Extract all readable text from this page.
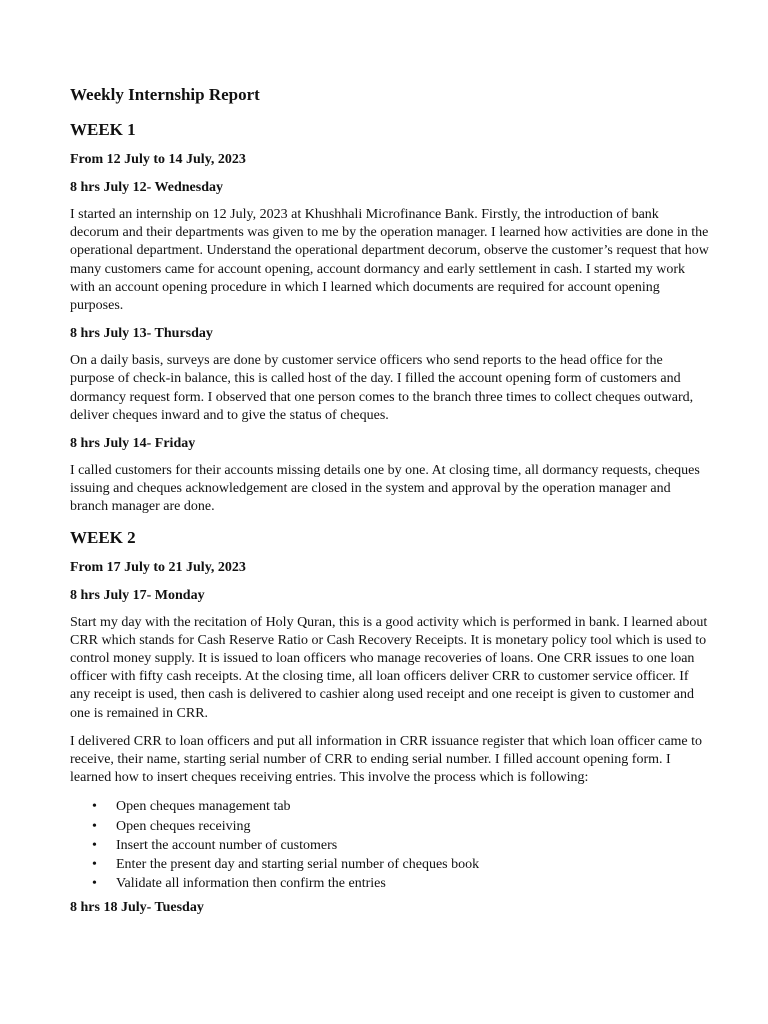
Weekly Internship Report
WEEK 1
From 12 July to 14 July, 2023
8 hrs July 12- Wednesday

I started an internship on 12 July, 2023 at Khushhali Microfinance Bank. Firstly, the introduction of bank decorum and their departments was given to me by the operation manager. I learned how activities are done in the operational department. Understand the operational department decorum, observe the customer’s request that how many customers came for account opening, account dormancy and early settlement in cash. I started my work with an account opening procedure in which I learned which documents are required for account opening purposes.

8 hrs July 13- Thursday

On a daily basis, surveys are done by customer service officers who send reports to the head office for the purpose of check-in balance, this is called host of the day. I filled the account opening form of customers and dormancy request form. I observed that one person comes to the branch three times to collect cheques outward, deliver cheques inward and to give the status of cheques.

8 hrs July 14- Friday

I called customers for their accounts missing details one by one. At closing time, all dormancy requests, cheques issuing and cheques acknowledgement are closed in the system and approval by the operation manager and branch manager are done.

WEEK 2
From 17 July to 21 July, 2023
8 hrs July 17- Monday

Start my day with the recitation of Holy Quran, this is a good activity which is performed in bank. I learned about CRR which stands for Cash Reserve Ratio or Cash Recovery Receipts. It is monetary policy tool which is used to control money supply. It is issued to loan officers who manage recoveries of loans. One CRR issues to one loan officer with fifty cash receipts. At the closing time, all loan officers deliver CRR to customer service officer. If any receipt is used, then cash is delivered to cashier along used receipt and one receipt is given to customer and one is remained in CRR.

I delivered CRR to loan officers and put all information in CRR issuance register that which loan officer came to receive, their name, starting serial number of CRR to ending serial number. I filled account opening form. I learned how to insert cheques receiving entries. This involve the process which is following:

• Open cheques management tab
• Open cheques receiving
• Insert the account number of customers
• Enter the present day and starting serial number of cheques book
• Validate all information then confirm the entries
8 hrs 18 July- Tuesday
